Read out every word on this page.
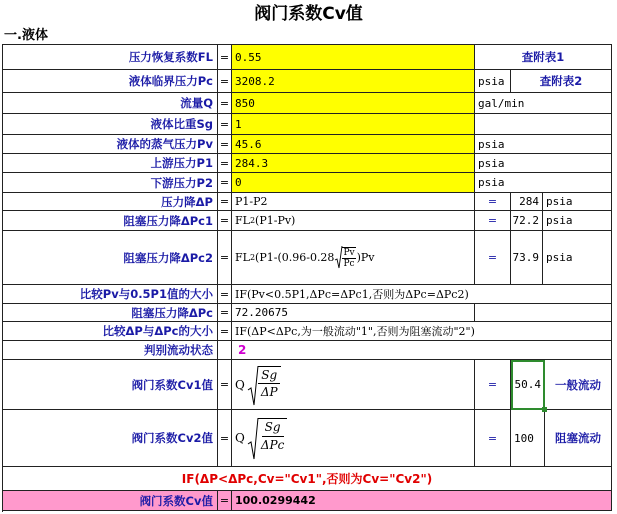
阀门系数Cv值
一.液体
压力恢复系数FL = 0.55	查附表1
液体临界压力Pc = 3208.2	psia	查附表2
流量Q = 850	gal/min
液体比重Sg = 1
液体的蒸气压力Pv = 45.6	psia
上游压力P1 = 284.3	psia
下游压力P2 = 0	psia
压力降ΔP = P1-P2	=	284 psia
阻塞压力降ΔPc1 = FL 2 (P1-Pv)	=	72.2 psia
阻塞压力降ΔPc2 = FL 2 ($P1-(0.96-0.28 \frac{Pv}{Pc} )Pv$	=	73.9 psia
比较Pv与0.5P1值的大小 = IF(Pv<0.5P1,ΔPc=ΔPc1,否则为ΔPc=ΔPc2)
阻塞压力降ΔPc = 72.20675
比较ΔP与ΔPc的大小 = IF(ΔP<ΔPc,为一般流动"1",否则为阻塞流动"2")
判别流动状态	2
阀门系数Cv1值 = Q $\frac{Sg}{\Delta P}$	=	50.4	一般流动
阀门系数Cv2值 = Q
Sg
ΔPc	=	100	阻塞流动
IF(ΔP<ΔPc,Cv="Cv1",否则为Cv="Cv2")
阀门系数Cv值 = 100.0299442
